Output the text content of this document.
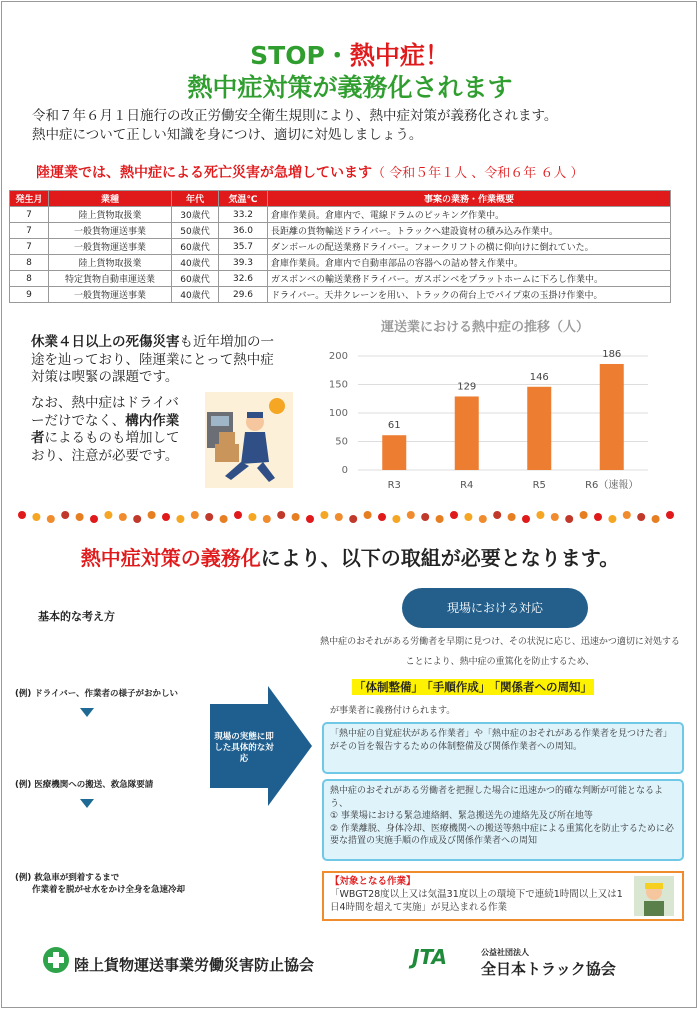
STOP・熱中症！
熱中症対策が義務化されます
令和７年６月１日施行の改正労働安全衛生規則により、熱中症対策が義務化されます。
熱中症について正しい知識を身につけ、適切に対処しましょう。
陸運業では、熱中症による死亡災害が急増しています（ 令和５年１人 、令和６年 ６人 ）
発生月	業種	年代	気温℃	事案の業務・作業概要
7	陸上貨物取扱業	30歳代	33.2	倉庫作業員。倉庫内で、電線ドラムのピッキング作業中。
7	一般貨物運送事業	50歳代	36.0	長距離の貨物輸送ドライバー。トラックへ建設資材の積み込み作業中。
7	一般貨物運送事業	60歳代	35.7	ダンボールの配送業務ドライバー。フォークリフトの横に仰向けに倒れていた。
8	陸上貨物取扱業	40歳代	39.3	倉庫作業員。倉庫内で自動車部品の容器への詰め替え作業中。
8	特定貨物自動車運送業	60歳代	32.6	ガスボンベの輸送業務ドライバー。ガスボンベをプラットホームに下ろし作業中。
9	一般貨物運送事業	40歳代	29.6	ドライバー。天井クレーンを用い、トラックの荷台上でパイプ束の玉掛け作業中。
休業４日以上の死傷災害も近年増加の一途を辿っており、陸運業にとって熱中症対策は喫緊の課題です。
なお、熱中症はドライバーだけでなく、構内作業者によるものも増加しており、注意が必要です。
運送業における熱中症の推移（人）
0
50
100
150
200
61
R3
129
R4
146
R5
186
R6（速報）
熱中症対策の義務化により、以下の取組が必要となります。
基本的な考え方
見つける
(例) ドライバー、作業者の様子がおかしい
判断する
(例) 医療機関への搬送、救急隊要請
対処する
(例) 救急車が到着するまで
　　作業着を脱がせ水をかけ全身を急速冷却
現場の実態に即した具体的な対応
現場における対応
熱中症のおそれがある労働者を早期に見つけ、その状況に応じ、迅速かつ適切に対処することにより、熱中症の重篤化を防止するため、
「体制整備」 「手順作成」 「関係者への周知」
が事業者に義務付けられます。
「熱中症の自覚症状がある作業者」や「熱中症のおそれがある作業者を見つけた者」がその旨を報告するための体制整備及び関係作業者への周知。
熱中症のおそれがある労働者を把握した場合に迅速かつ的確な判断が可能となるよう、
① 事業場における緊急連絡網、緊急搬送先の連絡先及び所在地等
② 作業離脱、身体冷却、医療機関への搬送等熱中症による重篤化を防止するために必要な措置の実施手順の作成及び関係作業者への周知
【対象となる作業】
「WBGT28度以上又は気温31度以上の環境下で連続1時間以上又は1日4時間を超えて実施」が見込まれる作業
陸上貨物運送事業労働災害防止協会	JTA	公益社団法人
全日本トラック協会
